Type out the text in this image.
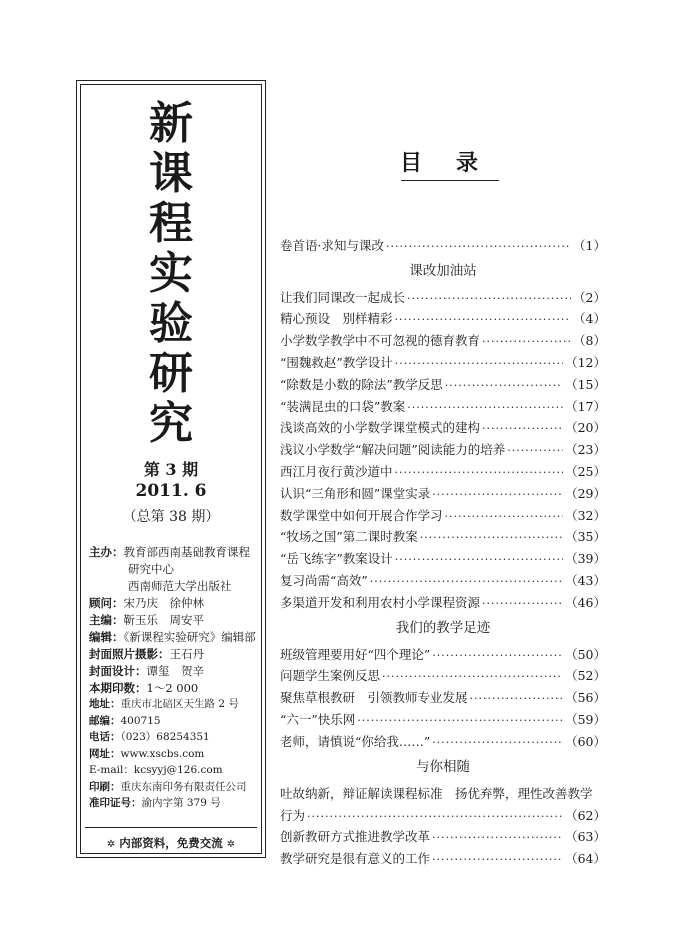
新
课
程
实
验
研
究
第 3 期
2011. 6
（总第 38 期）
主办：教育部西南基础教育课程
研究中心
西南师范大学出版社
顾问：宋乃庆　徐仲林
主编：靳玉乐　周安平
编辑：《新课程实验研究》编辑部
封面照片摄影：王石丹
封面设计：谭玺　贺辛
本期印数：1～2 000
地址：重庆市北碚区天生路 2 号
邮编：400715
电话：（023）68254351
网址：www.xscbs.com
E-mail：kcsyyj@126.com
印刷：重庆东南印务有限责任公司
准印证号：渝内字第 379 号
✲ 内部资料，免费交流 ✲
目录
卷首语·求知与课改 ·····	（1）
课改加油站
让我们同课改一起成长 ·····	（2）
精心预设　别样精彩 ·····	（4）
小学数学教学中不可忽视的德育教育 ·····	（8）
“围魏救赵”教学设计 ·····	（12）
“除数是小数的除法”教学反思 ·····	（15）
“装满昆虫的口袋”教案 ·····	（17）
浅谈高效的小学数学课堂模式的建构 ·····	（20）
浅议小学数学“解决问题”阅读能力的培养 ·····	（23）
西江月夜行黄沙道中 ·····	（25）
认识“三角形和圆”课堂实录 ·····	（29）
数学课堂中如何开展合作学习 ·····	（32）
“牧场之国”第二课时教案 ·····	（35）
“岳飞练字”教案设计 ·····	（39）
复习尚需“高效” ·····	（43）
多渠道开发和利用农村小学课程资源 ·····	（46）
我们的教学足迹
班级管理要用好“四个理论” ·····	（50）
问题学生案例反思 ·····	（52）
聚焦草根教研　引领教师专业发展 ·····	（56）
“六一”快乐网 ·····	（59）
老师，请慎说“你给我……” ·····	（60）
与你相随
吐故纳新，辩证解读课程标准　扬优弃弊，理性改善教学
行为 ·····	（62）
创新教研方式推进教学改革 ·····	（63）
教学研究是很有意义的工作 ·····	（64）
